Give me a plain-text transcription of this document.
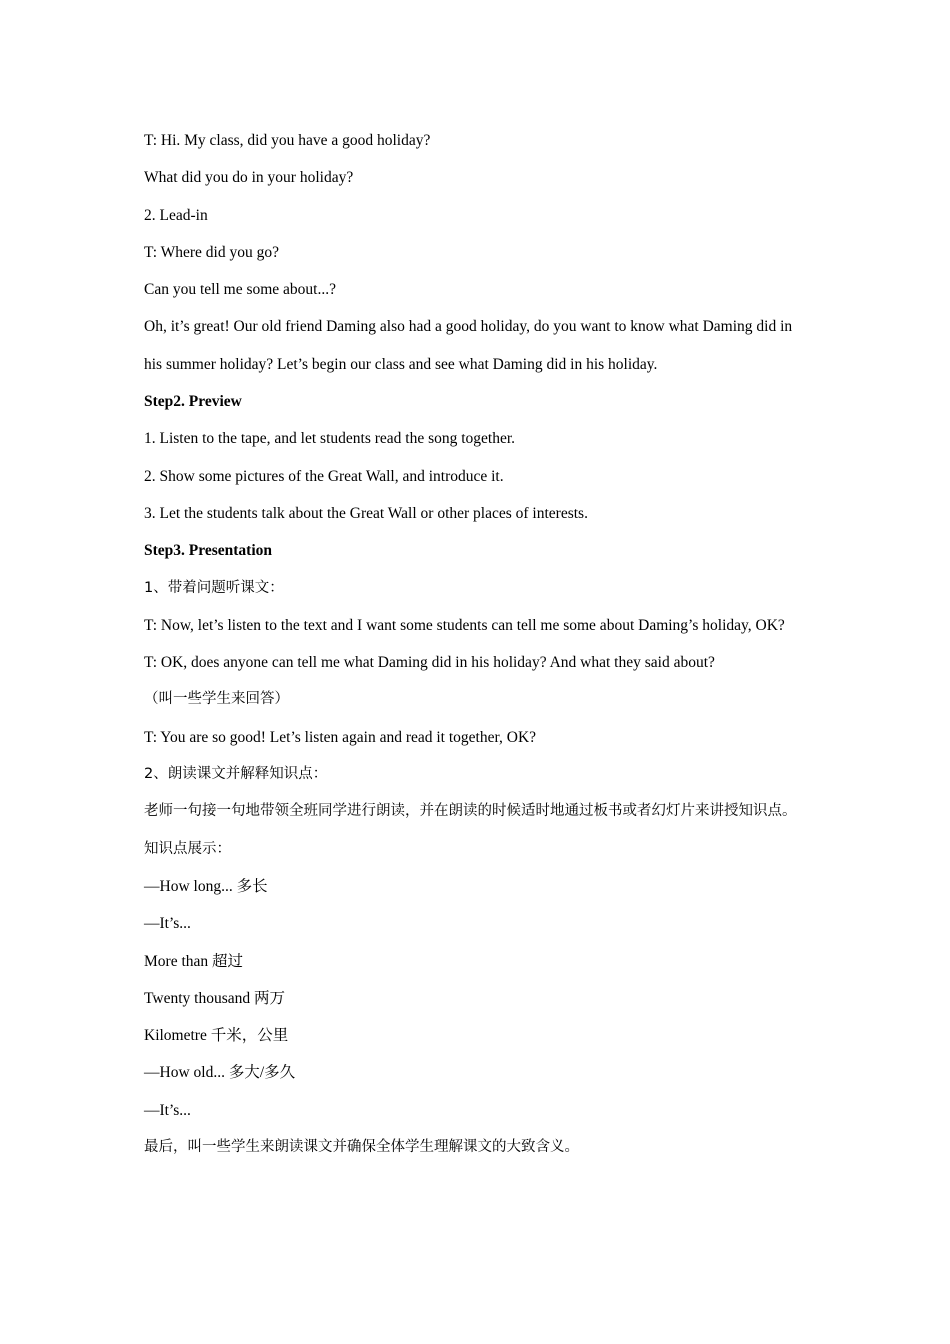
T: Hi. My class, did you have a good holiday?
What did you do in your holiday?
2. Lead-in
T: Where did you go?
Can you tell me some about...?
Oh, it’s great! Our old friend Daming also had a good holiday, do you want to know what Daming did in his summer holiday? Let’s begin our class and see what Daming did in his holiday.
Step2. Preview
1. Listen to the tape, and let students read the song together.
2. Show some pictures of the Great Wall, and introduce it.
3. Let the students talk about the Great Wall or other places of interests.
Step3. Presentation
1、带着问题听课文：
T: Now, let’s listen to the text and I want some students can tell me some about Daming’s holiday, OK?
T: OK, does anyone can tell me what Daming did in his holiday? And what they said about?
（叫一些学生来回答）
T: You are so good! Let’s listen again and read it together, OK?
2、朗读课文并解释知识点：
老师一句接一句地带领全班同学进行朗读，并在朗读的时候适时地通过板书或者幻灯片来讲授知识点。
知识点展示：
—How long... 多长
—It’s...
More than 超过
Twenty thousand 两万
Kilometre 千米，公里
—How old... 多大/多久
—It’s...
最后，叫一些学生来朗读课文并确保全体学生理解课文的大致含义。
